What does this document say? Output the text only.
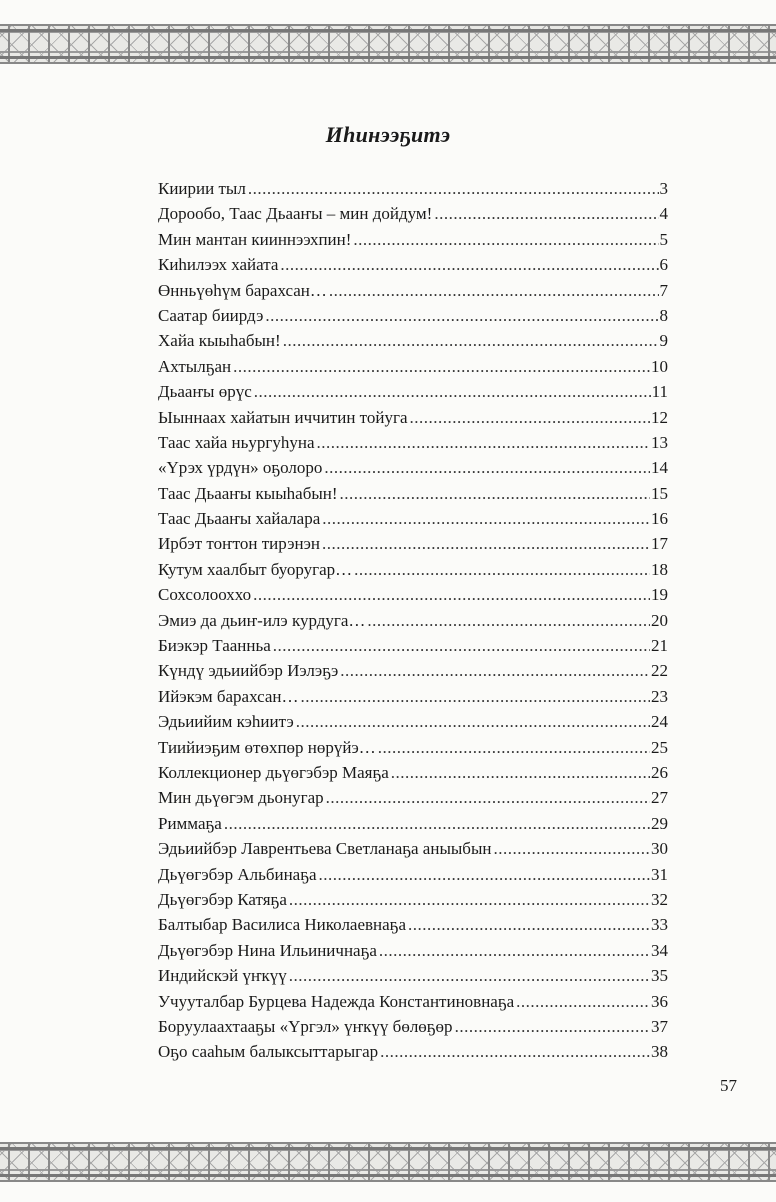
Иһинээҕитэ
Киирии тыл .....	3
Дорообо, Таас Дьааҥы – мин дойдум! .....	4
Мин мантан кииннээхпин! .....	5
Киһилээх хайата .....	6
Өнньүөһүм барахсан… .....	7
Саатар биирдэ .....	8
Хайа кыыһабын! .....	9
Ахтылҕан .....	10
Дьааҥы өрүс .....	11
Ыыннаах хайатын иччитин тойуга .....	12
Таас хайа ньургуһуна .....	13
«Үрэх үрдүн» оҕолоро .....	14
Таас Дьааҥы кыыһабын! .....	15
Таас Дьааҥы хайалара .....	16
Ирбэт тоҥтон тирэнэн .....	17
Кутум хаалбыт буоругар… .....	18
Сохсолооххо .....	19
Эмиэ да дьиҥ-илэ курдуга… .....	20
Биэкэр Таанньа .....	21
Күндү эдьиийбэр Иэлэҕэ .....	22
Ийэкэм барахсан… .....	23
Эдьиийим кэһиитэ .....	24
Тиийиэҕим өтөхпөр нөрүйэ… .....	25
Коллекционер дьүөгэбэр Маяҕа .....	26
Мин дьүөгэм дьонугар .....	27
Риммаҕа .....	29
Эдьиийбэр Лаврентьева Светланаҕа аныыбын .....	30
Дьүөгэбэр Альбинаҕа .....	31
Дьүөгэбэр Катяҕа .....	32
Балтыбар Василиса Николаевнаҕа .....	33
Дьүөгэбэр Нина Ильиничнаҕа .....	34
Индийскэй үҥкүү .....	35
Учууталбар Бурцева Надежда Константиновнаҕа .....	36
Боруулаахтааҕы «Үргэл» үҥкүү бөлөҕөр .....	37
Оҕо сааһым балыксыттарыгар .....	38
57
